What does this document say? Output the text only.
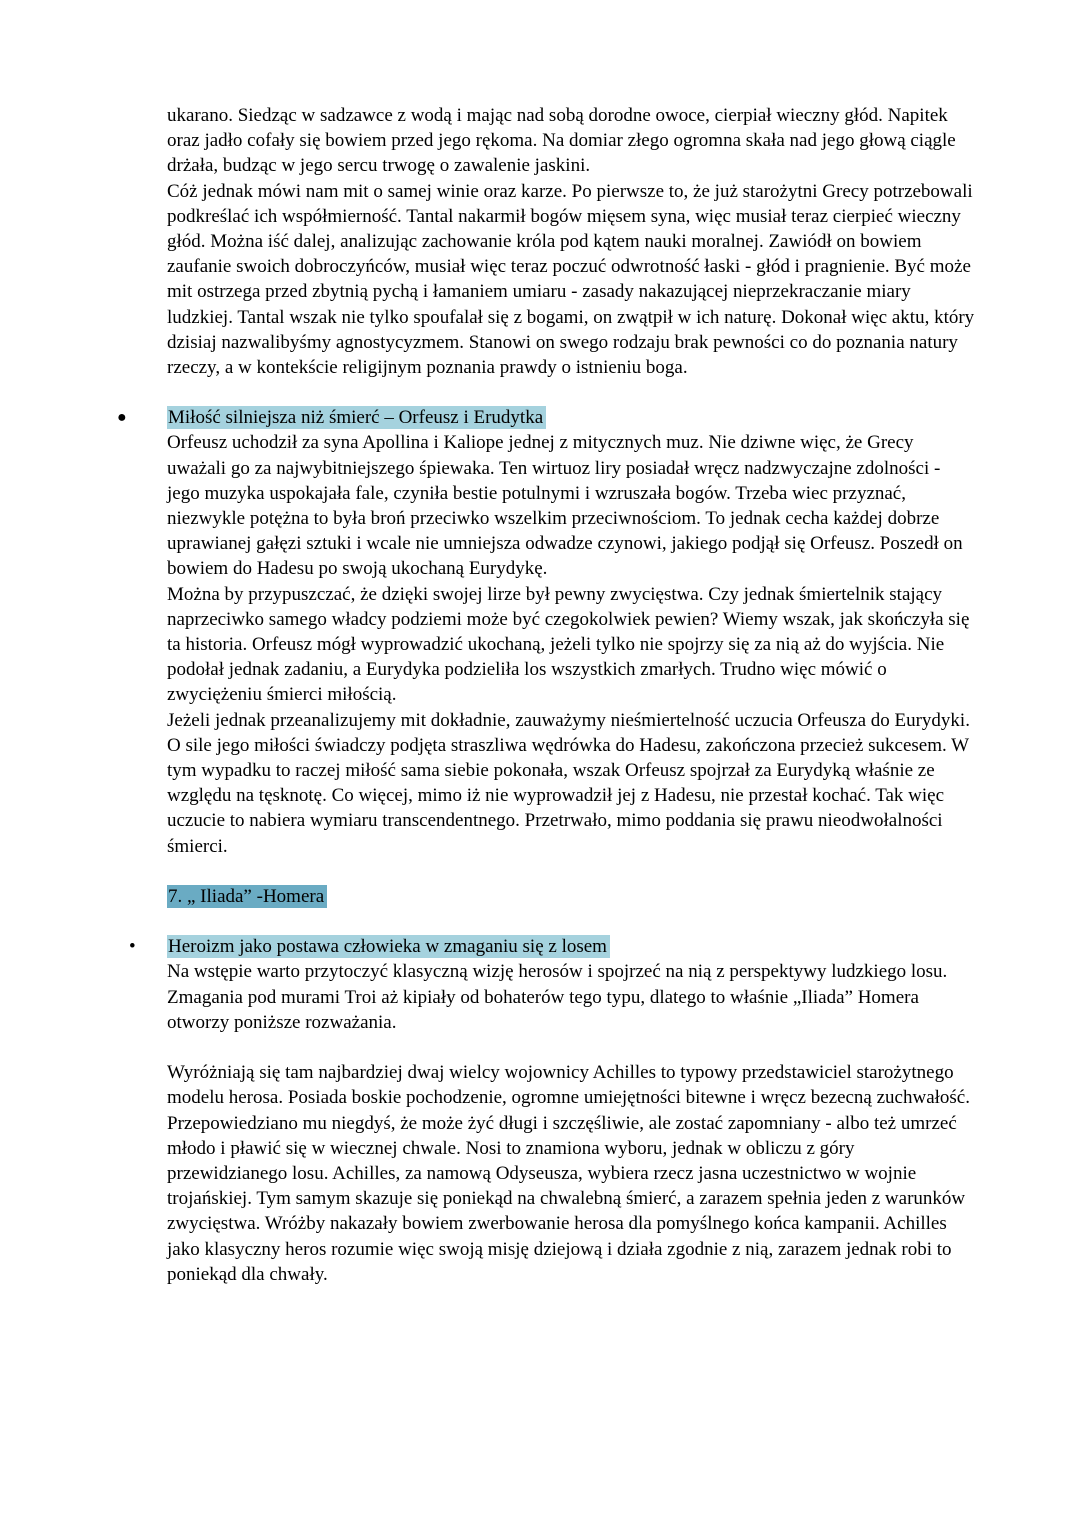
ukarano. Siedząc w sadzawce z wodą i mając nad sobą dorodne owoce, cierpiał wieczny głód. Napitek oraz jadło cofały się bowiem przed jego rękoma. Na domiar złego ogromna skała nad jego głową ciągle drżała, budząc w jego sercu trwogę o zawalenie jaskini.

Cóż jednak mówi nam mit o samej winie oraz karze. Po pierwsze to, że już starożytni Grecy potrzebowali podkreślać ich współmierność. Tantal nakarmił bogów mięsem syna, więc musiał teraz cierpieć wieczny głód. Można iść dalej, analizując zachowanie króla pod kątem nauki moralnej. Zawiódł on bowiem zaufanie swoich dobroczyńców, musiał więc teraz poczuć odwrotność łaski - głód i pragnienie. Być może mit ostrzega przed zbytnią pychą i łamaniem umiaru - zasady nakazującej nieprzekraczanie miary ludzkiej. Tantal wszak nie tylko spoufalał się z bogami, on zwątpił w ich naturę. Dokonał więc aktu, który dzisiaj nazwalibyśmy agnostycyzmem. Stanowi on swego rodzaju brak pewności co do poznania natury rzeczy, a w kontekście religijnym poznania prawdy o istnieniu boga.

● Miłość silniejsza niż śmierć – Orfeusz i Erudytka

Orfeusz uchodził za syna Apollina i Kaliope jednej z mitycznych muz. Nie dziwne więc, że Grecy uważali go za najwybitniejszego śpiewaka. Ten wirtuoz liry posiadał wręcz nadzwyczajne zdolności - jego muzyka uspokajała fale, czyniła bestie potulnymi i wzruszała bogów. Trzeba wiec przyznać, niezwykle potężna to była broń przeciwko wszelkim przeciwnościom. To jednak cecha każdej dobrze uprawianej gałęzi sztuki i wcale nie umniejsza odwadze czynowi, jakiego podjął się Orfeusz. Poszedł on bowiem do Hadesu po swoją ukochaną Eurydykę.

Można by przypuszczać, że dzięki swojej lirze był pewny zwycięstwa. Czy jednak śmiertelnik stający naprzeciwko samego władcy podziemi może być czegokolwiek pewien? Wiemy wszak, jak skończyła się ta historia. Orfeusz mógł wyprowadzić ukochaną, jeżeli tylko nie spojrzy się za nią aż do wyjścia. Nie podołał jednak zadaniu, a Eurydyka podzieliła los wszystkich zmarłych. Trudno więc mówić o zwyciężeniu śmierci miłością.

Jeżeli jednak przeanalizujemy mit dokładnie, zauważymy nieśmiertelność uczucia Orfeusza do Eurydyki. O sile jego miłości świadczy podjęta straszliwa wędrówka do Hadesu, zakończona przecież sukcesem. W tym wypadku to raczej miłość sama siebie pokonała, wszak Orfeusz spojrzał za Eurydyką właśnie ze względu na tęsknotę. Co więcej, mimo iż nie wyprowadził jej z Hadesu, nie przestał kochać. Tak więc uczucie to nabiera wymiaru transcendentnego. Przetrwało, mimo poddania się prawu nieodwołalności śmierci.

7. „ Iliada” -Homera

• Heroizm jako postawa człowieka w zmaganiu się z losem

Na wstępie warto przytoczyć klasyczną wizję herosów i spojrzeć na nią z perspektywy ludzkiego losu. Zmagania pod murami Troi aż kipiały od bohaterów tego typu, dlatego to właśnie „Iliada” Homera otworzy poniższe rozważania.

Wyróżniają się tam najbardziej dwaj wielcy wojownicy Achilles to typowy przedstawiciel starożytnego modelu herosa. Posiada boskie pochodzenie, ogromne umiejętności bitewne i wręcz bezecną zuchwałość. Przepowiedziano mu niegdyś, że może żyć długi i szczęśliwie, ale zostać zapomniany - albo też umrzeć młodo i pławić się w wiecznej chwale. Nosi to znamiona wyboru, jednak w obliczu z góry przewidzianego losu. Achilles, za namową Odyseusza, wybiera rzecz jasna uczestnictwo w wojnie trojańskiej. Tym samym skazuje się poniekąd na chwalebną śmierć, a zarazem spełnia jeden z warunków zwycięstwa. Wróżby nakazały bowiem zwerbowanie herosa dla pomyślnego końca kampanii. Achilles jako klasyczny heros rozumie więc swoją misję dziejową i działa zgodnie z nią, zarazem jednak robi to poniekąd dla chwały.
